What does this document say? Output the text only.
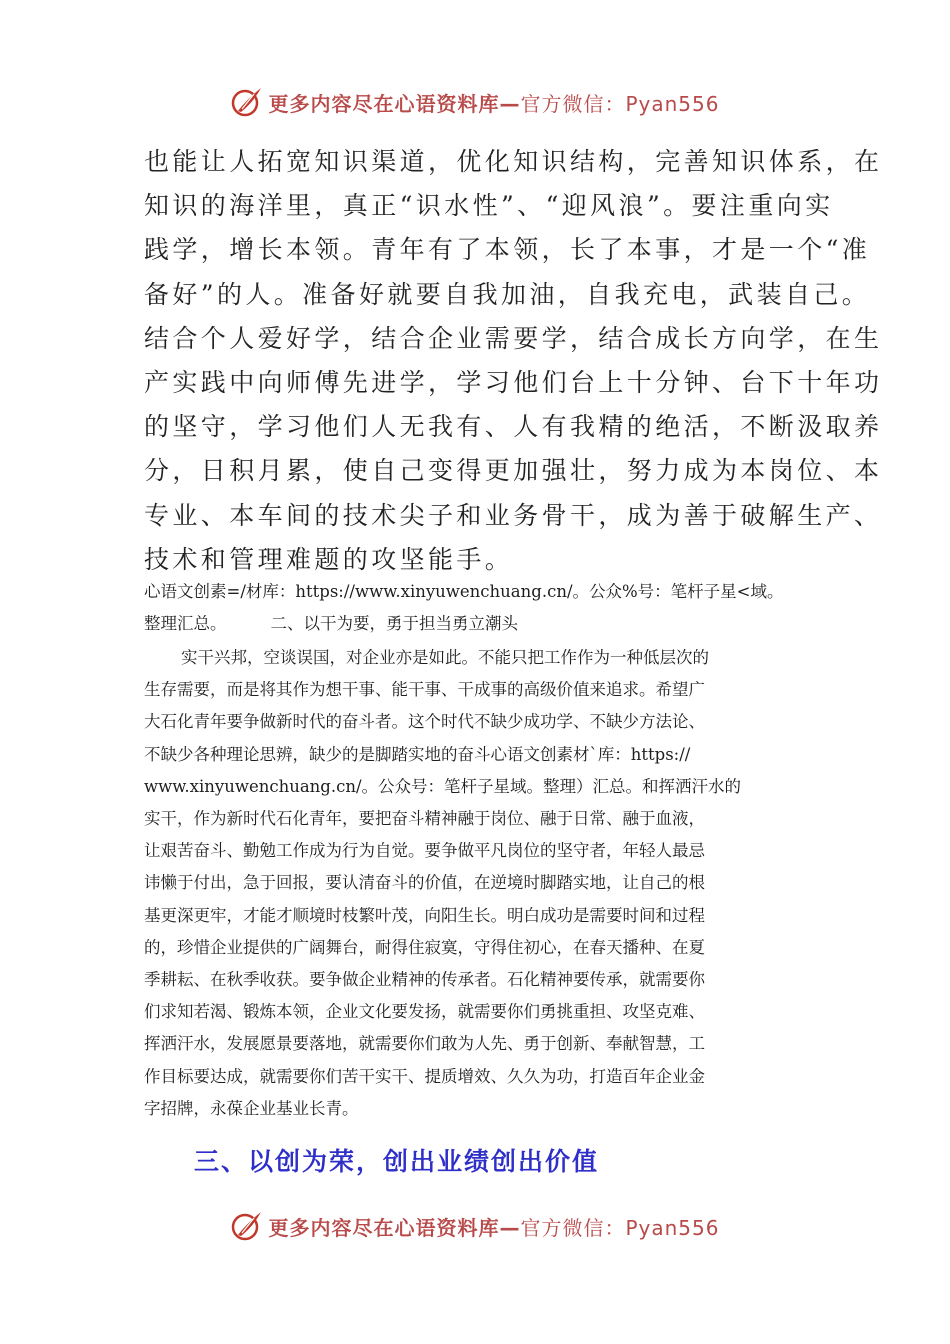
更多内容尽在心语资料库—官方微信：Pyan556
也能让人拓宽知识渠道，优化知识结构，完善知识体系，在
知识的海洋里，真正“识水性”、“迎风浪”。要注重向实
践学，增长本领。青年有了本领，长了本事，才是一个“准
备好”的人。准备好就要自我加油，自我充电，武装自己。
结合个人爱好学，结合企业需要学，结合成长方向学，在生
产实践中向师傅先进学，学习他们台上十分钟、台下十年功
的坚守，学习他们人无我有、人有我精的绝活，不断汲取养
分，日积月累，使自己变得更加强壮，努力成为本岗位、本
专业、本车间的技术尖子和业务骨干，成为善于破解生产、
技术和管理难题的攻坚能手。
心语文创素=/材库：https://www.xinyuwenchuang.cn/。公众%号：笔杆子星<域。
整理汇总。	二、以干为要，勇于担当勇立潮头
实干兴邦，空谈误国，对企业亦是如此。不能只把工作作为一种低层次的
生存需要，而是将其作为想干事、能干事、干成事的高级价值来追求。希望广
大石化青年要争做新时代的奋斗者。这个时代不缺少成功学、不缺少方法论、
不缺少各种理论思辨，缺少的是脚踏实地的奋斗心语文创素材`库：https://
www.xinyuwenchuang.cn/。公众号：笔杆子星域。整理）汇总。和挥洒汗水的
实干，作为新时代石化青年，要把奋斗精神融于岗位、融于日常、融于血液，
让艰苦奋斗、勤勉工作成为行为自觉。要争做平凡岗位的坚守者，年轻人最忌
讳懒于付出，急于回报，要认清奋斗的价值，在逆境时脚踏实地，让自己的根
基更深更牢，才能才顺境时枝繁叶茂，向阳生长。明白成功是需要时间和过程
的，珍惜企业提供的广阔舞台，耐得住寂寞，守得住初心，在春天播种、在夏
季耕耘、在秋季收获。要争做企业精神的传承者。石化精神要传承，就需要你
们求知若渴、锻炼本领，企业文化要发扬，就需要你们勇挑重担、攻坚克难、
挥洒汗水，发展愿景要落地，就需要你们敢为人先、勇于创新、奉献智慧，工
作目标要达成，就需要你们苦干实干、提质增效、久久为功，打造百年企业金
字招牌，永葆企业基业长青。
三、以创为荣，创出业绩创出价值
更多内容尽在心语资料库—官方微信：Pyan556
